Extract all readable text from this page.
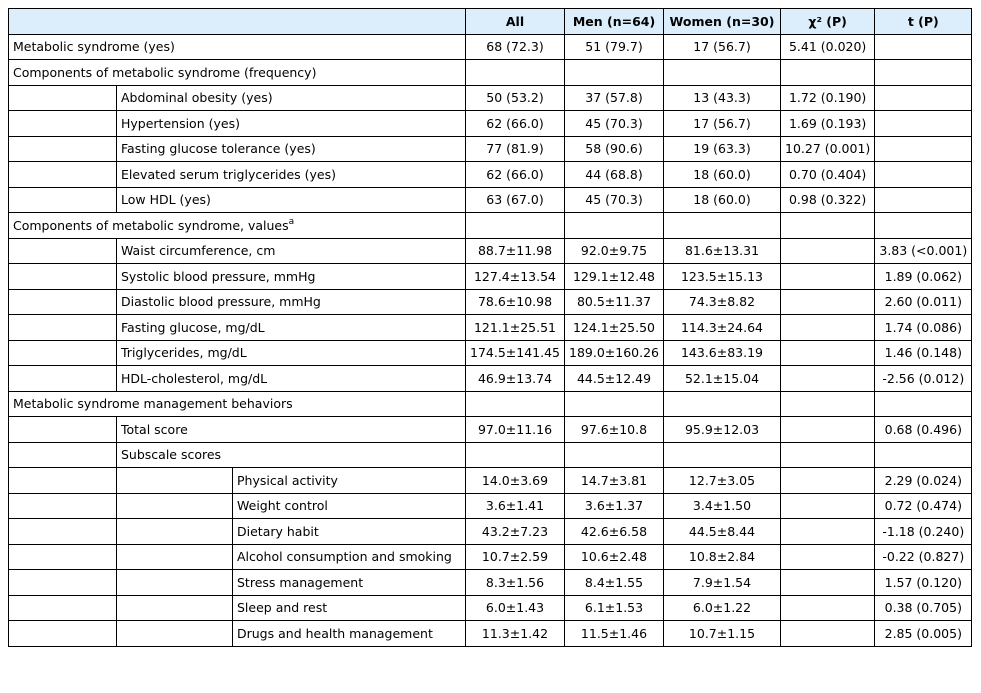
			All	Men (n=64)	Women (n=30)	χ² (P)	t (P)
Metabolic syndrome (yes)			68 (72.3)	51 (79.7)	17 (56.7)	5.41 (0.020)	
Components of metabolic syndrome (frequency)							
	Abdominal obesity (yes)		50 (53.2)	37 (57.8)	13 (43.3)	1.72 (0.190)	
	Hypertension (yes)		62 (66.0)	45 (70.3)	17 (56.7)	1.69 (0.193)	
	Fasting glucose tolerance (yes)		77 (81.9)	58 (90.6)	19 (63.3)	10.27 (0.001)	
	Elevated serum triglycerides (yes)		62 (66.0)	44 (68.8)	18 (60.0)	0.70 (0.404)	
	Low HDL (yes)		63 (67.0)	45 (70.3)	18 (60.0)	0.98 (0.322)	
Components of metabolic syndrome, values$^a$					
	Waist circumference, cm		88.7±11.98	92.0±9.75	81.6±13.31		3.83 (<0.001)
	Systolic blood pressure, mmHg		127.4±13.54	129.1±12.48	123.5±15.13		1.89 (0.062)
	Diastolic blood pressure, mmHg		78.6±10.98	80.5±11.37	74.3±8.82		2.60 (0.011)
	Fasting glucose, mg/dL		121.1±25.51	124.1±25.50	114.3±24.64		1.74 (0.086)
	Triglycerides, mg/dL		174.5±141.45	189.0±160.26	143.6±83.19		1.46 (0.148)
	HDL-cholesterol, mg/dL		46.9±13.74	44.5±12.49	52.1±15.04		-2.56 (0.012)
Metabolic syndrome management behaviors							
	Total score		97.0±11.16	97.6±10.8	95.9±12.03		0.68 (0.496)
	Subscale scores						
		Physical activity	14.0±3.69	14.7±3.81	12.7±3.05		2.29 (0.024)
		Weight control	3.6±1.41	3.6±1.37	3.4±1.50		0.72 (0.474)
		Dietary habit	43.2±7.23	42.6±6.58	44.5±8.44		-1.18 (0.240)
		Alcohol consumption and smoking	10.7±2.59	10.6±2.48	10.8±2.84		-0.22 (0.827)
		Stress management	8.3±1.56	8.4±1.55	7.9±1.54		1.57 (0.120)
		Sleep and rest	6.0±1.43	6.1±1.53	6.0±1.22		0.38 (0.705)
		Drugs and health management	11.3±1.42	11.5±1.46	10.7±1.15		2.85 (0.005)
